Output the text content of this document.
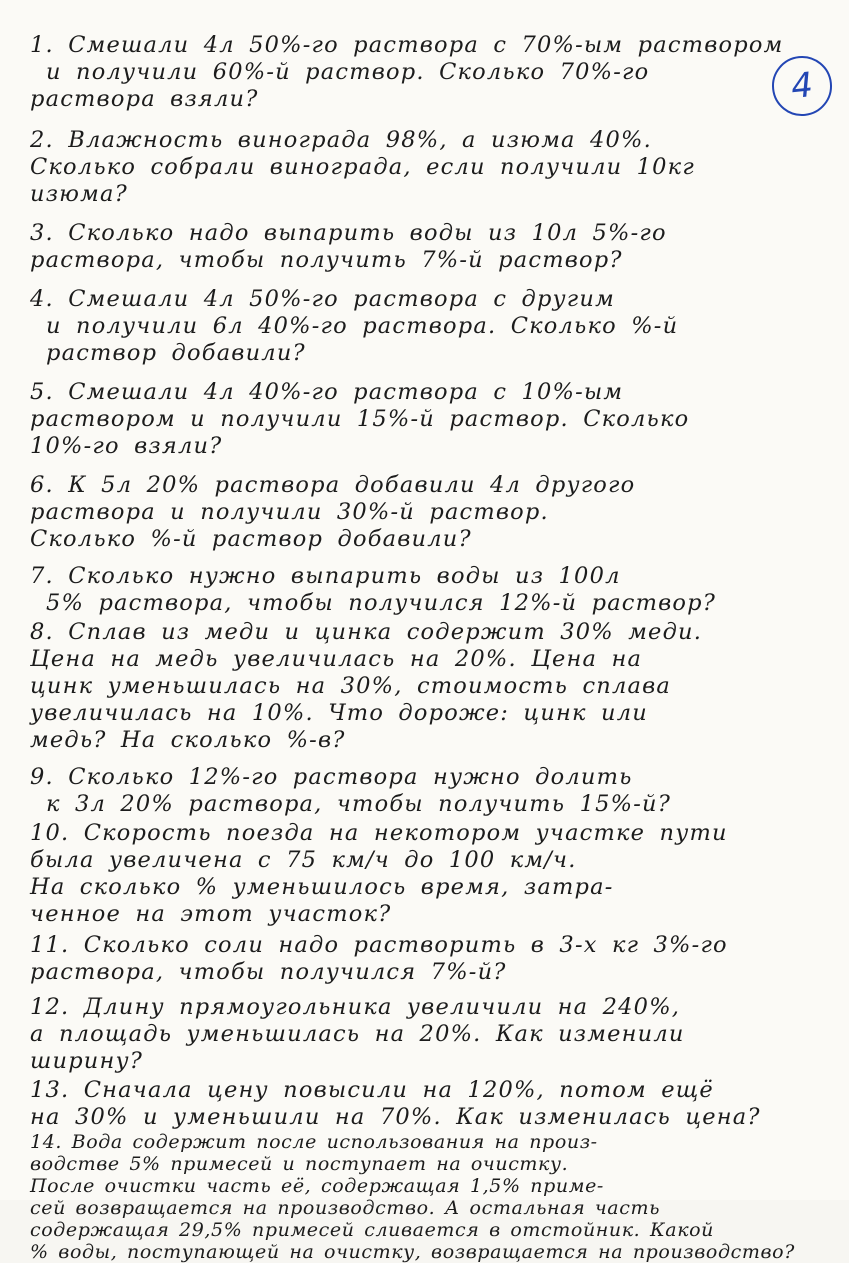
4
1. Смешали 4л 50%-го раствора с 70%-ым раствором
и получили 60%-й раствор. Сколько 70%-го
раствора взяли?
2. Влажность винограда 98%, а изюма 40%.
Сколько собрали винограда, если получили 10кг
изюма?
3. Сколько надо выпарить воды из 10л 5%-го
раствора, чтобы получить 7%-й раствор?
4. Смешали 4л 50%-го раствора с другим
и получили 6л 40%-го раствора. Сколько %-й
раствор добавили?
5. Смешали 4л 40%-го раствора с 10%-ым
раствором и получили 15%-й раствор. Сколько
10%-го взяли?
6. К 5л 20% раствора добавили 4л другого
раствора и получили 30%-й раствор.
Сколько %-й раствор добавили?
7. Сколько нужно выпарить воды из 100л
5% раствора, чтобы получился 12%-й раствор?
8. Сплав из меди и цинка содержит 30% меди.
Цена на медь увеличилась на 20%. Цена на
цинк уменьшилась на 30%, стоимость сплава
увеличилась на 10%. Что дороже: цинк или
медь? На сколько %-в?
9. Сколько 12%-го раствора нужно долить
к 3л 20% раствора, чтобы получить 15%-й?
10. Скорость поезда на некотором участке пути
была увеличена с 75 км/ч до 100 км/ч.
На сколько % уменьшилось время, затра-
ченное на этот участок?
11. Сколько соли надо растворить в 3-х кг 3%-го
раствора, чтобы получился 7%-й?
12. Длину прямоугольника увеличили на 240%,
а площадь уменьшилась на 20%. Как изменили
ширину?
13. Сначала цену повысили на 120%, потом ещё
на 30% и уменьшили на 70%. Как изменилась цена?
14. Вода содержит после использования на произ-
водстве 5% примесей и поступает на очистку.
После очистки часть её, содержащая 1,5% приме-
сей возвращается на производство. А остальная часть
содержащая 29,5% примесей сливается в отстойник. Какой
% воды, поступающей на очистку, возвращается на производство?
